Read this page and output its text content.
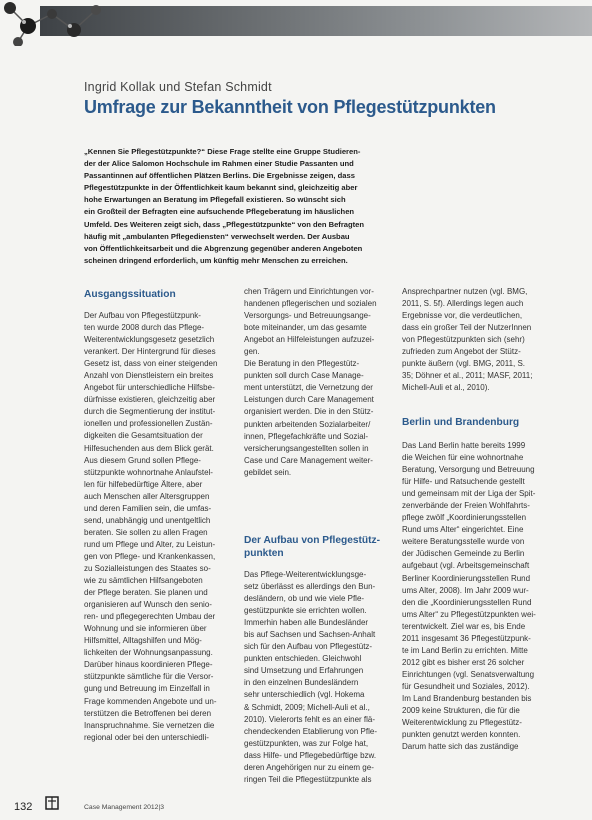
Ingrid Kollak und Stefan Schmidt
Umfrage zur Bekanntheit von Pflegestützpunkten
„Kennen Sie Pflegestützpunkte?“ Diese Frage stellte eine Gruppe Studieren-
der der Alice Salomon Hochschule im Rahmen einer Studie Passanten und
Passantinnen auf öffentlichen Plätzen Berlins. Die Ergebnisse zeigen, dass
Pflegestützpunkte in der Öffentlichkeit kaum bekannt sind, gleichzeitig aber
hohe Erwartungen an Beratung im Pflegefall existieren. So wünscht sich
ein Großteil der Befragten eine aufsuchende Pflegeberatung im häuslichen
Umfeld. Des Weiteren zeigt sich, dass „Pflegestützpunkte“ von den Befragten
häufig mit „ambulanten Pflegediensten“ verwechselt werden. Der Ausbau
von Öffentlichkeitsarbeit und die Abgrenzung gegenüber anderen Angeboten
scheinen dringend erforderlich, um künftig mehr Menschen zu erreichen.
Ausgangssituation
Der Aufbau von Pflegestützpunk-
ten wurde 2008 durch das Pflege-
Weiterentwicklungsgesetz gesetzlich
verankert. Der Hintergrund für dieses
Gesetz ist, dass von einer steigenden
Anzahl von Dienstleistern ein breites
Angebot für unterschiedliche Hilfsbe-
dürfnisse existieren, gleichzeitig aber
durch die Segmentierung der institut-
ionellen und professionellen Zustän-
digkeiten die Gesamtsituation der
Hilfesuchenden aus dem Blick gerät.
Aus diesem Grund sollen Pflege-
stützpunkte wohnortnahe Anlaufstel-
len für hilfebedürftige Ältere, aber
auch Menschen aller Altersgruppen
und deren Familien sein, die umfas-
send, unabhängig und unentgeltlich
beraten. Sie sollen zu allen Fragen
rund um Pflege und Alter, zu Leistun-
gen von Pflege- und Krankenkassen,
zu Sozialleistungen des Staates so-
wie zu sämtlichen Hilfsangeboten
der Pflege beraten. Sie planen und
organisieren auf Wunsch den senio-
ren- und pflegegerechten Umbau der
Wohnung und sie informieren über
Hilfsmittel, Alltagshilfen und Mög-
lichkeiten der Wohnungsanpassung.
Darüber hinaus koordinieren Pflege-
stützpunkte sämtliche für die Versor-
gung und Betreuung im Einzelfall in
Frage kommenden Angebote und un-
terstützen die Betroffenen bei deren
Inanspruchnahme. Sie vernetzen die
regional oder bei den unterschiedli-
chen Trägern und Einrichtungen vor-
handenen pflegerischen und sozialen
Versorgungs- und Betreuungsange-
bote miteinander, um das gesamte
Angebot an Hilfeleistungen aufzuzei-
gen.
Die Beratung in den Pflegestütz-
punkten soll durch Case Manage-
ment unterstützt, die Vernetzung der
Leistungen durch Care Management
organisiert werden. Die in den Stütz-
punkten arbeitenden Sozialarbeiter/
innen, Pflegefachkräfte und Sozial-
versicherungsangestellten sollen in
Case und Care Management weiter-
gebildet sein.
Der Aufbau von Pflegestütz-
punkten
Das Pflege-Weiterentwicklungsge-
setz überlässt es allerdings den Bun-
desländern, ob und wie viele Pfle-
gestützpunkte sie errichten wollen.
Immerhin haben alle Bundesländer
bis auf Sachsen und Sachsen-Anhalt
sich für den Aufbau von Pflegestütz-
punkten entschieden. Gleichwohl
sind Umsetzung und Erfahrungen
in den einzelnen Bundesländern
sehr unterschiedlich (vgl. Hokema
& Schmidt, 2009; Michell-Auli et al.,
2010). Vielerorts fehlt es an einer flä-
chendeckenden Etablierung von Pfle-
gestützpunkten, was zur Folge hat,
dass Hilfe- und Pflegebedürftige bzw.
deren Angehörigen nur zu einem ge-
ringen Teil die Pflegestützpunkte als
Ansprechpartner nutzen (vgl. BMG,
2011, S. 5f). Allerdings legen auch
Ergebnisse vor, die verdeutlichen,
dass ein großer Teil der NutzerInnen
von Pflegestützpunkten sich (sehr)
zufrieden zum Angebot der Stütz-
punkte äußern (vgl. BMG, 2011, S.
35; Döhner et al., 2011; MASF, 2011;
Michell-Auli et al., 2010).
Berlin und Brandenburg
Das Land Berlin hatte bereits 1999
die Weichen für eine wohnortnahe
Beratung, Versorgung und Betreuung
für Hilfe- und Ratsuchende gestellt
und gemeinsam mit der Liga der Spit-
zenverbände der Freien Wohlfahrts-
pflege zwölf „Koordinierungsstellen
Rund ums Alter“ eingerichtet. Eine
weitere Beratungsstelle wurde von
der Jüdischen Gemeinde zu Berlin
aufgebaut (vgl. Arbeitsgemeinschaft
Berliner Koordinierungsstellen Rund
ums Alter, 2008). Im Jahr 2009 wur-
den die „Koordinierungsstellen Rund
ums Alter“ zu Pflegestützpunkten wei-
terentwickelt. Ziel war es, bis Ende
2011 insgesamt 36 Pflegestützpunk-
te im Land Berlin zu errichten. Mitte
2012 gibt es bisher erst 26 solcher
Einrichtungen (vgl. Senatsverwaltung
für Gesundheit und Soziales, 2012).
Im Land Brandenburg bestanden bis
2009 keine Strukturen, die für die
Weiterentwicklung zu Pflegestütz-
punkten genutzt werden konnten.
Darum hatte sich das zuständige
132	Case Management 2012|3
